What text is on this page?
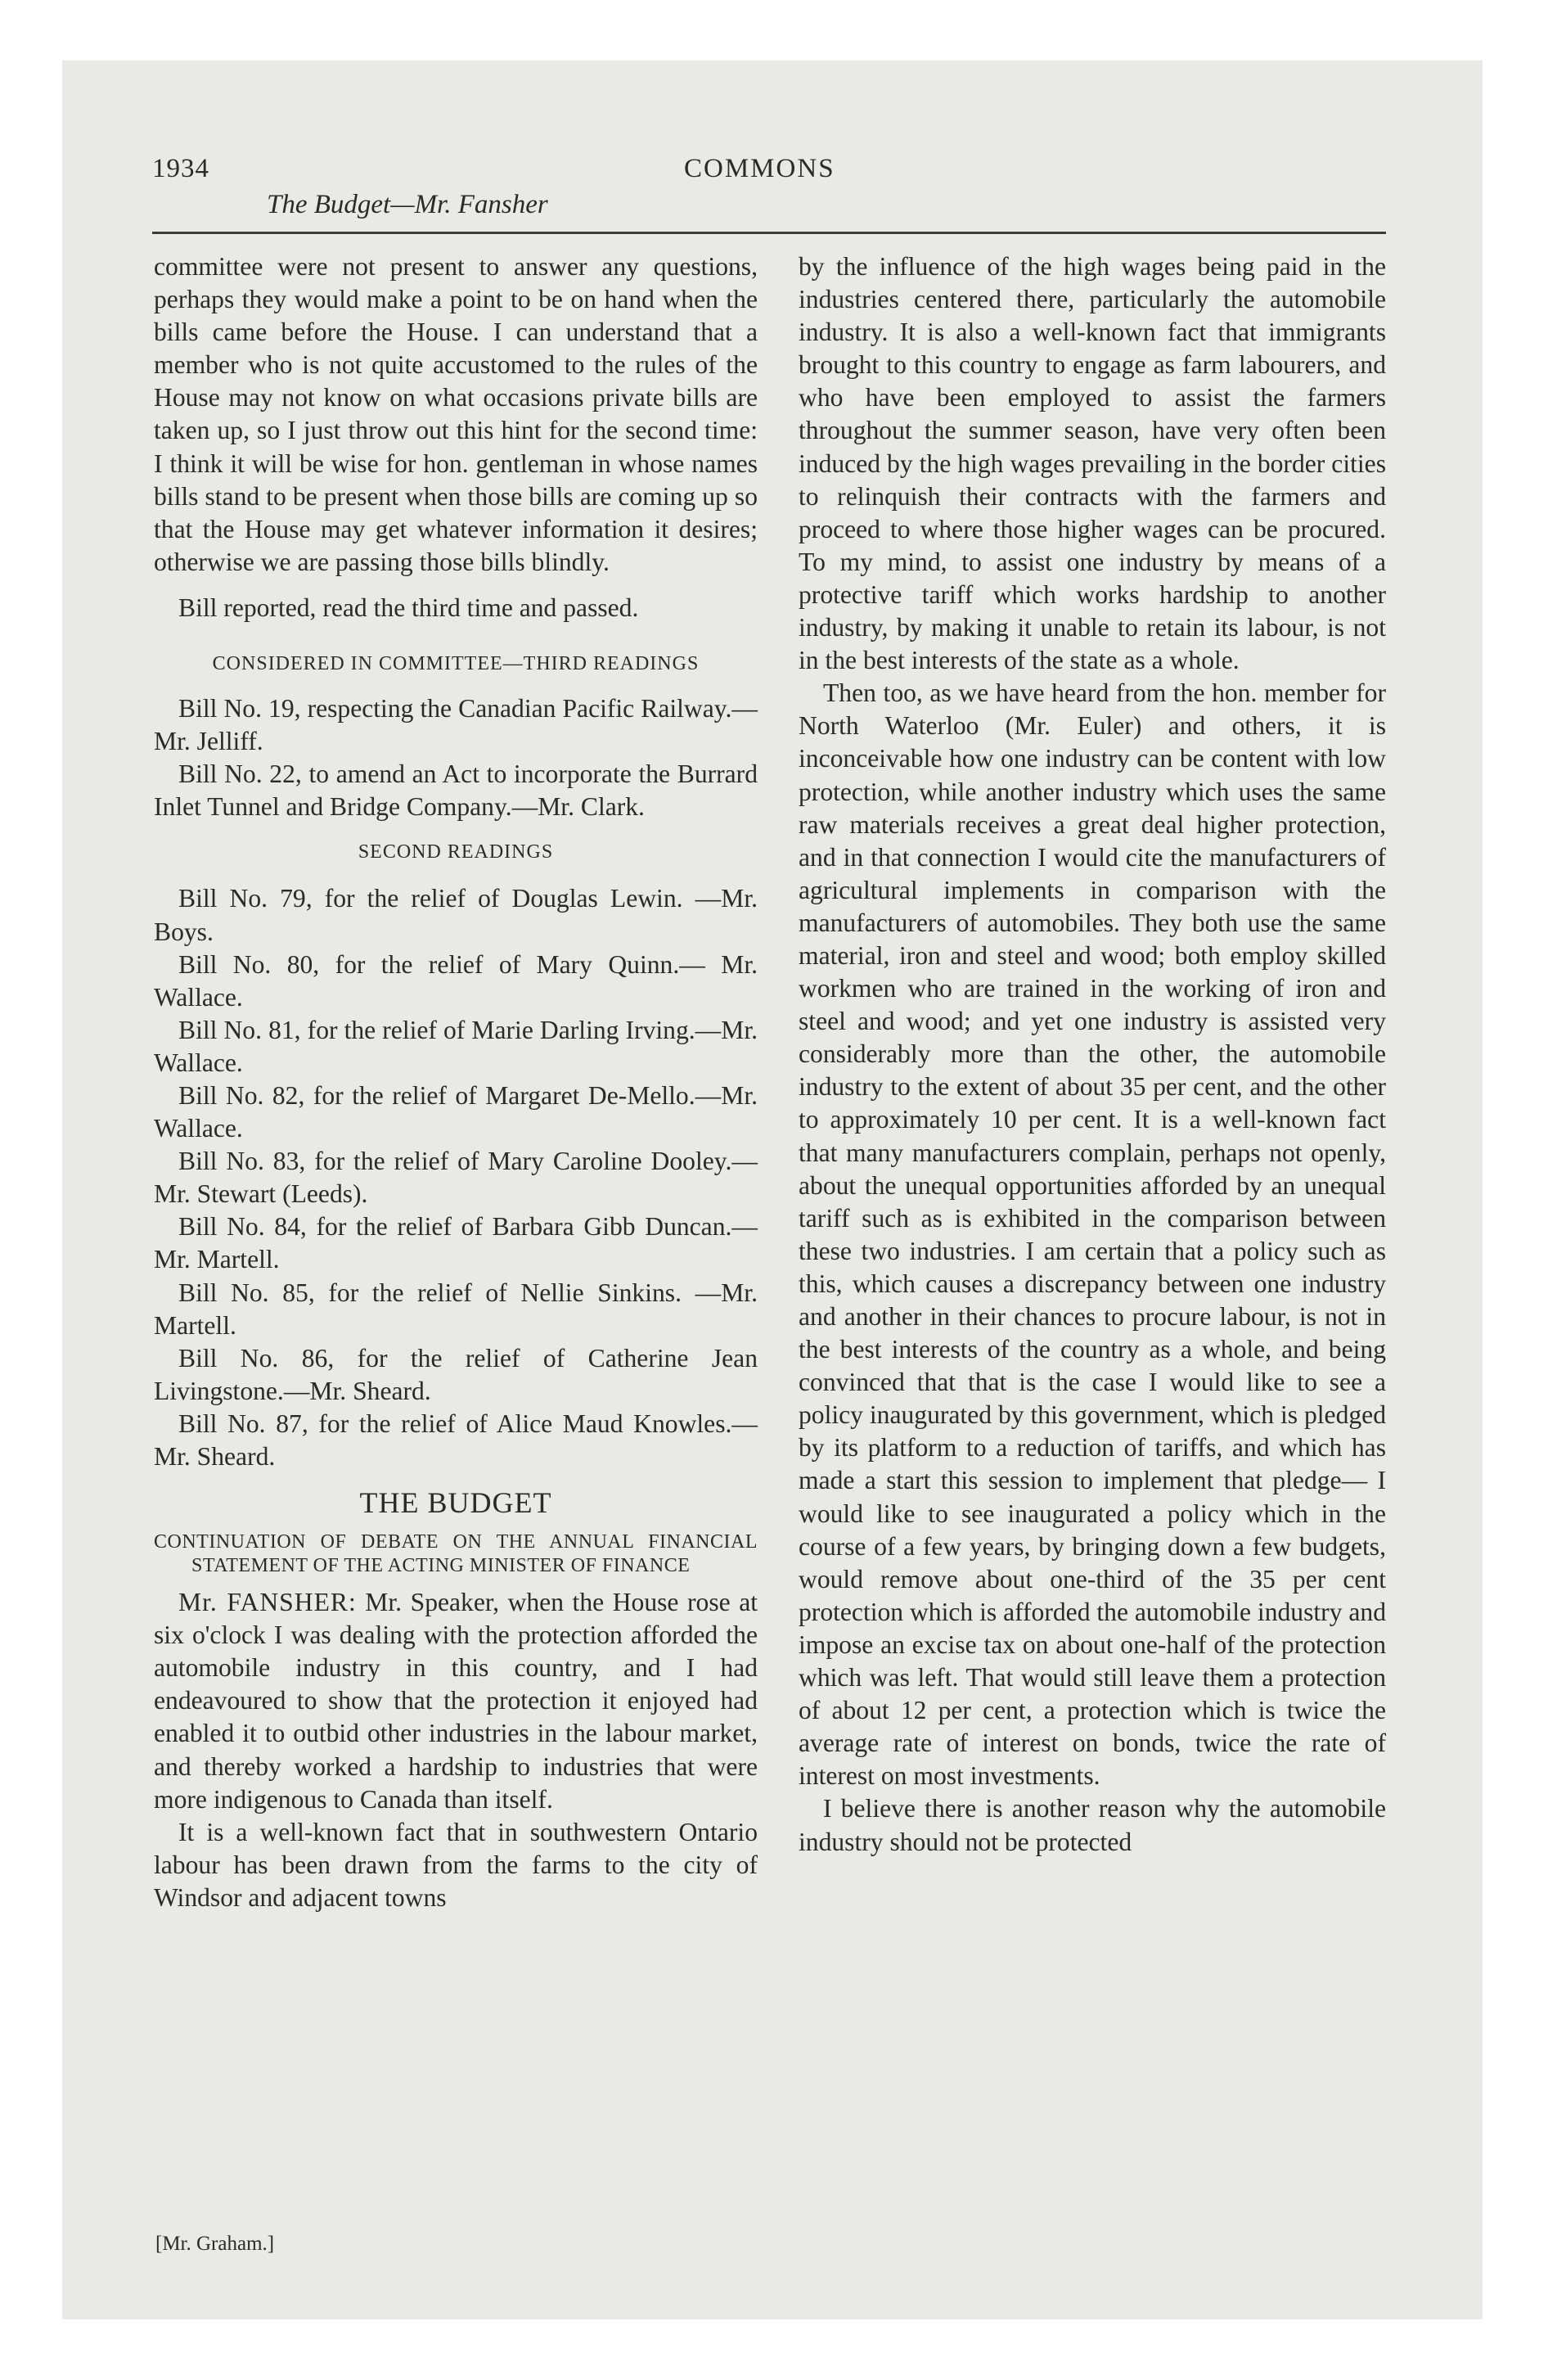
1934	COMMONS
The Budget—Mr. Fansher

committee were not present to answer any questions, perhaps they would make a point to be on hand when the bills came before the House. I can understand that a member who is not quite accustomed to the rules of the House may not know on what occasions private bills are taken up, so I just throw out this hint for the second time: I think it will be wise for hon. gentleman in whose names bills stand to be present when those bills are coming up so that the House may get whatever information it desires; otherwise we are passing those bills blindly.

Bill reported, read the third time and passed.

CONSIDERED IN COMMITTEE—THIRD READINGS

Bill No. 19, respecting the Canadian Pacific Railway.—Mr. Jelliff.

Bill No. 22, to amend an Act to incorporate the Burrard Inlet Tunnel and Bridge Company.—Mr. Clark.

SECOND READINGS

Bill No. 79, for the relief of Douglas Lewin. —Mr. Boys.

Bill No. 80, for the relief of Mary Quinn.— Mr. Wallace.

Bill No. 81, for the relief of Marie Darling Irving.—Mr. Wallace.

Bill No. 82, for the relief of Margaret De-Mello.—Mr. Wallace.

Bill No. 83, for the relief of Mary Caroline Dooley.—Mr. Stewart (Leeds).

Bill No. 84, for the relief of Barbara Gibb Duncan.—Mr. Martell.

Bill No. 85, for the relief of Nellie Sinkins. —Mr. Martell.

Bill No. 86, for the relief of Catherine Jean Livingstone.—Mr. Sheard.

Bill No. 87, for the relief of Alice Maud Knowles.—Mr. Sheard.

THE BUDGET
CONTINUATION OF DEBATE ON THE ANNUAL FINANCIAL STATEMENT OF THE ACTING MINISTER OF FINANCE

Mr. FANSHER: Mr. Speaker, when the House rose at six o'clock I was dealing with the protection afforded the automobile industry in this country, and I had endeavoured to show that the protection it enjoyed had enabled it to outbid other industries in the labour market, and thereby worked a hardship to industries that were more indigenous to Canada than itself.

It is a well-known fact that in southwestern Ontario labour has been drawn from the farms to the city of Windsor and adjacent towns

by the influence of the high wages being paid in the industries centered there, particularly the automobile industry. It is also a well-known fact that immigrants brought to this country to engage as farm labourers, and who have been employed to assist the farmers throughout the summer season, have very often been induced by the high wages prevailing in the border cities to relinquish their contracts with the farmers and proceed to where those higher wages can be procured. To my mind, to assist one industry by means of a protective tariff which works hardship to another industry, by making it unable to retain its labour, is not in the best interests of the state as a whole.

Then too, as we have heard from the hon. member for North Waterloo (Mr. Euler) and others, it is inconceivable how one industry can be content with low protection, while another industry which uses the same raw materials receives a great deal higher protection, and in that connection I would cite the manufacturers of agricultural implements in comparison with the manufacturers of automobiles. They both use the same material, iron and steel and wood; both employ skilled workmen who are trained in the working of iron and steel and wood; and yet one industry is assisted very considerably more than the other, the automobile industry to the extent of about 35 per cent, and the other to approximately 10 per cent. It is a well-known fact that many manufacturers complain, perhaps not openly, about the unequal opportunities afforded by an unequal tariff such as is exhibited in the comparison between these two industries. I am certain that a policy such as this, which causes a discrepancy between one industry and another in their chances to procure labour, is not in the best interests of the country as a whole, and being convinced that that is the case I would like to see a policy inaugurated by this government, which is pledged by its platform to a reduction of tariffs, and which has made a start this session to implement that pledge— I would like to see inaugurated a policy which in the course of a few years, by bringing down a few budgets, would remove about one-third of the 35 per cent protection which is afforded the automobile industry and impose an excise tax on about one-half of the protection which was left. That would still leave them a protection of about 12 per cent, a protection which is twice the average rate of interest on bonds, twice the rate of interest on most investments.

I believe there is another reason why the automobile industry should not be protected

[Mr. Graham.]
